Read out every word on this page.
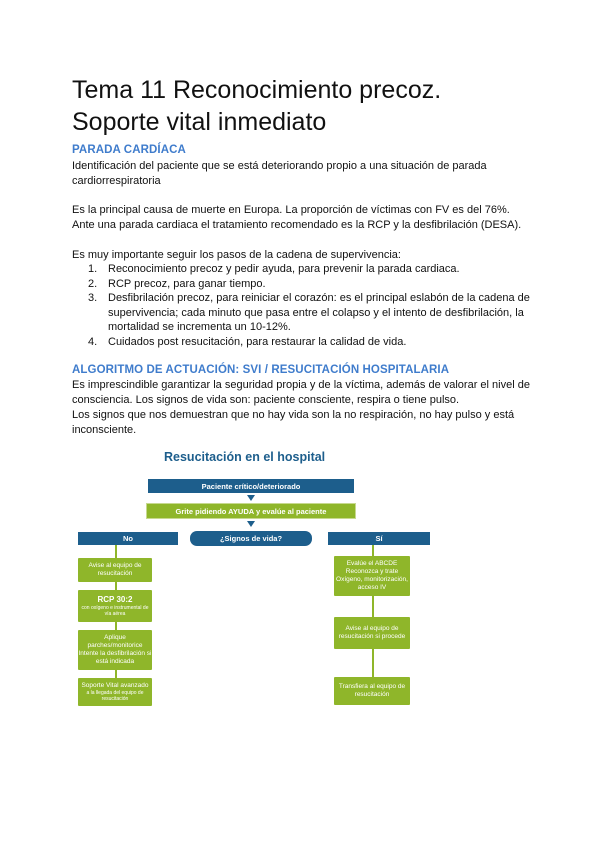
Tema 11 Reconocimiento precoz.
Soporte vital inmediato
PARADA CARDÍACA
Identificación del paciente que se está deteriorando propio a una situación de parada cardiorrespiratoria
Es la principal causa de muerte en Europa. La proporción de víctimas con FV es del 76%.
Ante una parada cardiaca el tratamiento recomendado es la RCP y la desfibrilación (DESA).
Es muy importante seguir los pasos de la cadena de supervivencia:
1. Reconocimiento precoz y pedir ayuda, para prevenir la parada cardiaca.
2. RCP precoz, para ganar tiempo.
3. Desfibrilación precoz, para reiniciar el corazón: es el principal eslabón de la cadena de supervivencia; cada minuto que pasa entre el colapso y el intento de desfibrilación, la mortalidad se incrementa un 10-12%.
4. Cuidados post resucitación, para restaurar la calidad de vida.
ALGORITMO DE ACTUACIÓN: SVI / RESUCITACIÓN HOSPITALARIA
Es imprescindible garantizar la seguridad propia y de la víctima, además de valorar el nivel de consciencia. Los signos de vida son: paciente consciente, respira o tiene pulso.
Los signos que nos demuestran que no hay vida son la no respiración, no hay pulso y está inconsciente.
Resucitación en el hospital
Paciente crítico/deteriorado
Grite pidiendo AYUDA y evalúe al paciente
No	¿Signos de vida?	Sí
Avise al equipo de resucitación
RCP 30:2
con oxígeno e instrumental de vía aérea
Aplique parches/monitorice Intente la desfibrilación si está indicada
Soporte Vital avanzado
a la llegada del equipo de resucitación
Evalúe el ABCDE Reconozca y trate Oxígeno, monitorización, acceso IV
Avise al equipo de resucitación si procede
Transfiera al equipo de resucitación
